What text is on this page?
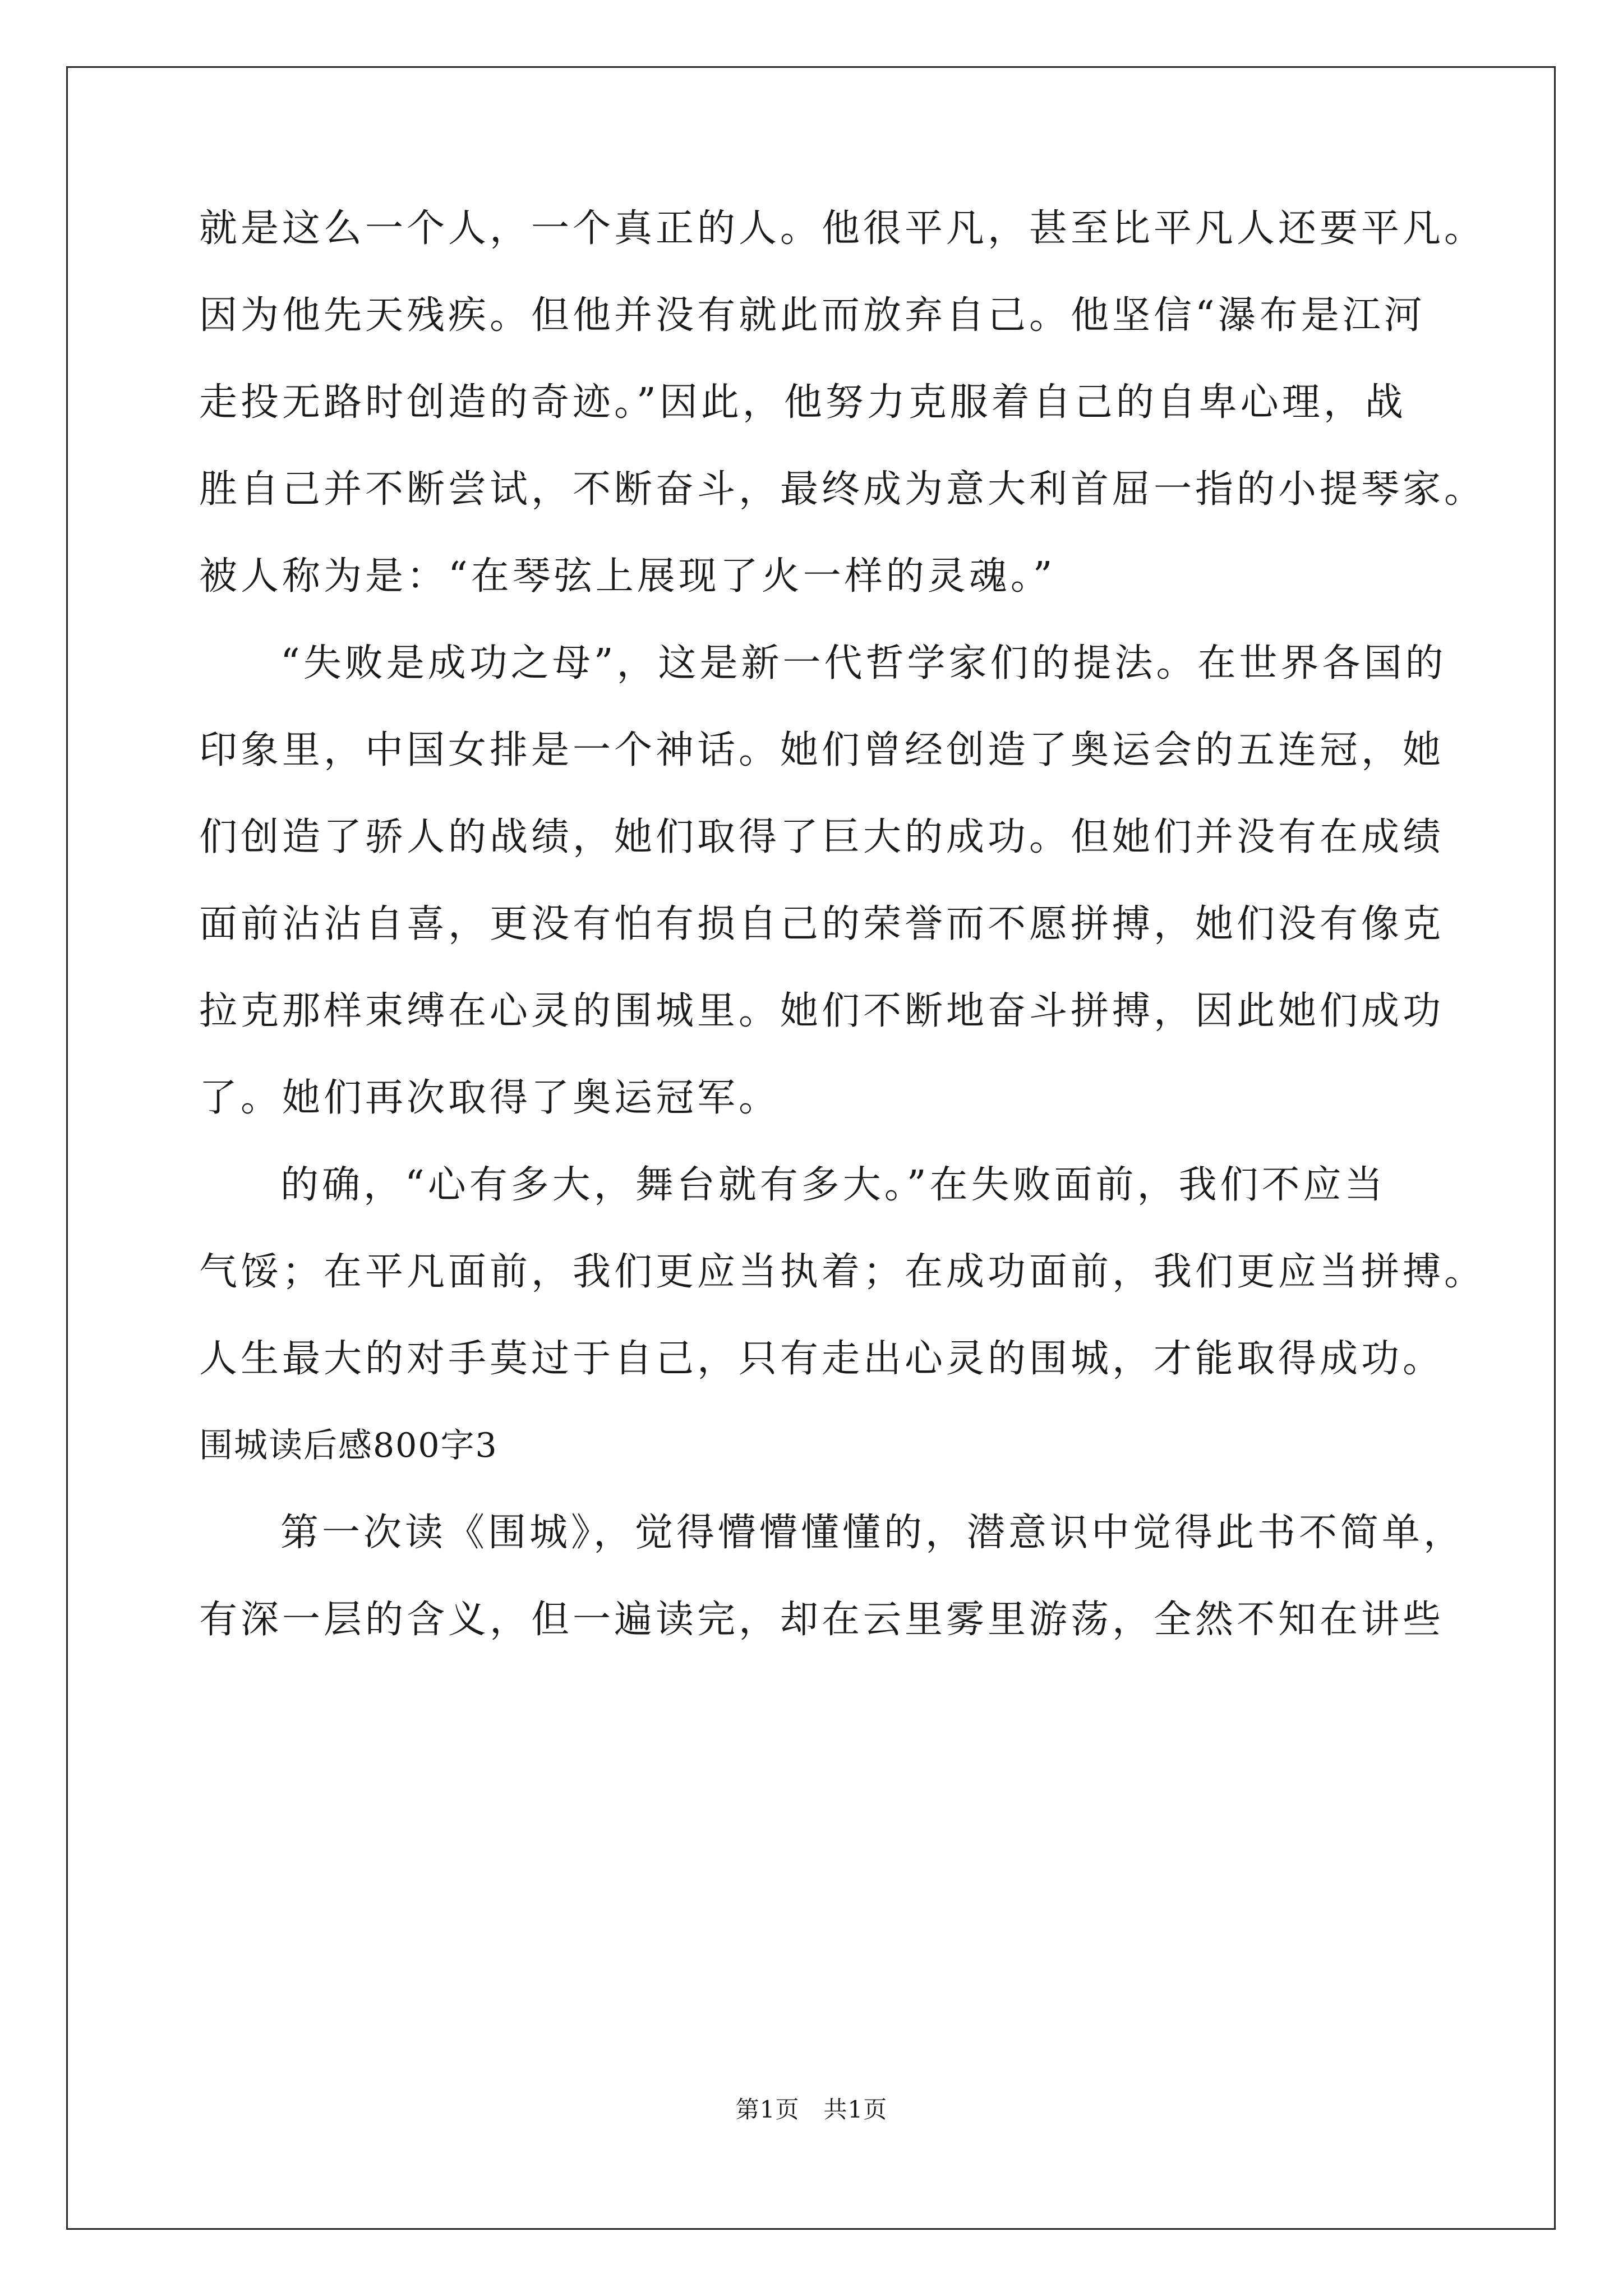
就是这么一个人，一个真正的人。他很平凡，甚至比平凡人还要平凡。
因为他先天残疾。但他并没有就此而放弃自己。他坚信“瀑布是江河
走投无路时创造的奇迹。”因此，他努力克服着自己的自卑心理，战
胜自己并不断尝试，不断奋斗，最终成为意大利首屈一指的小提琴家。
被人称为是：“在琴弦上展现了火一样的灵魂。”
“失败是成功之母”，这是新一代哲学家们的提法。在世界各国的
印象里，中国女排是一个神话。她们曾经创造了奥运会的五连冠，她
们创造了骄人的战绩，她们取得了巨大的成功。但她们并没有在成绩
面前沾沾自喜，更没有怕有损自己的荣誉而不愿拼搏，她们没有像克
拉克那样束缚在心灵的围城里。她们不断地奋斗拼搏，因此她们成功
了。她们再次取得了奥运冠军。
的确，“心有多大，舞台就有多大。”在失败面前，我们不应当
气馁；在平凡面前，我们更应当执着；在成功面前，我们更应当拼搏。
人生最大的对手莫过于自己，只有走出心灵的围城，才能取得成功。
围城读后感800字3
第一次读《围城》，觉得懵懵懂懂的，潜意识中觉得此书不简单，
有深一层的含义，但一遍读完，却在云里雾里游荡，全然不知在讲些
第1页   共1页
